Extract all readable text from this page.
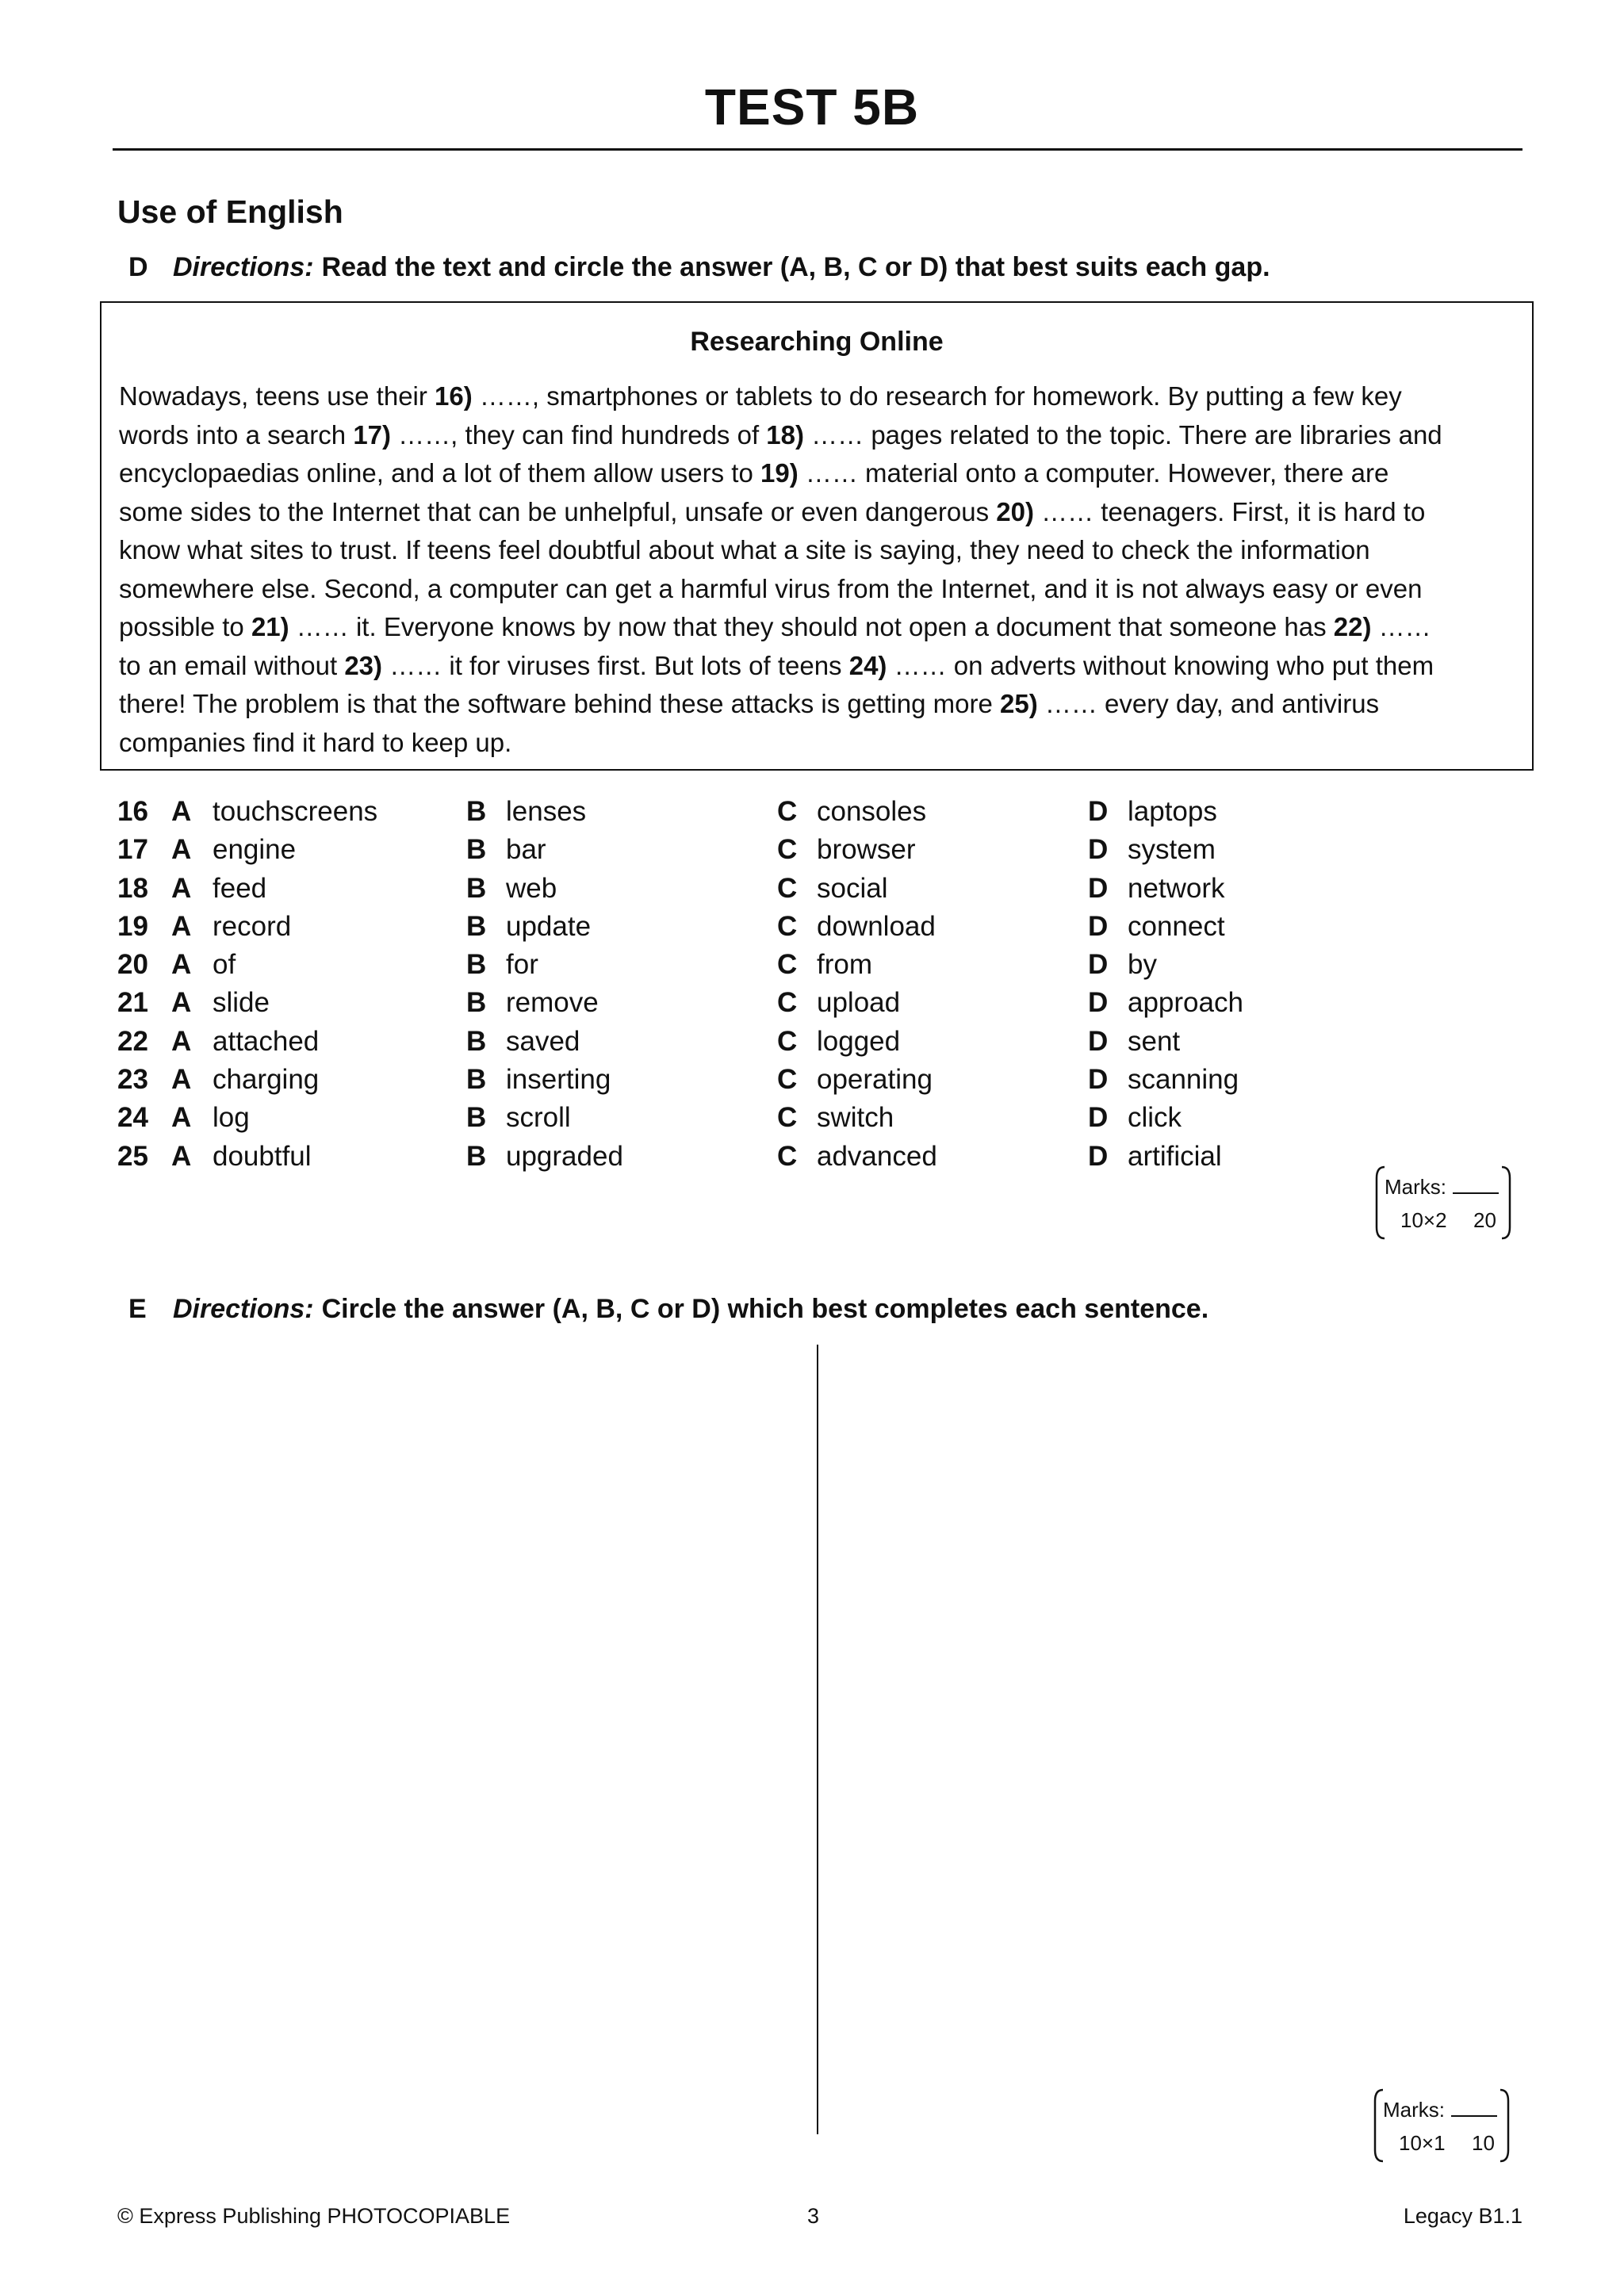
TEST 5B
Use of English
D Directions: Read the text and circle the answer (A, B, C or D) that best suits each gap.
Researching Online
Nowadays, teens use their 16) ……, smartphones or tablets to do research for homework. By putting a few key
words into a search 17) ……, they can find hundreds of 18) …… pages related to the topic. There are libraries and
encyclopaedias online, and a lot of them allow users to 19) …… material onto a computer. However, there are
some sides to the Internet that can be unhelpful, unsafe or even dangerous 20) …… teenagers. First, it is hard to
know what sites to trust. If teens feel doubtful about what a site is saying, they need to check the information
somewhere else. Second, a computer can get a harmful virus from the Internet, and it is not always easy or even
possible to 21) …… it. Everyone knows by now that they should not open a document that someone has 22) ……
to an email without 23) …… it for viruses first. But lots of teens 24) …… on adverts without knowing who put them
there! The problem is that the software behind these attacks is getting more 25) …… every day, and antivirus
companies find it hard to keep up.
16 A touchscreens	B lenses	C consoles	D laptops
17 A engine	B bar	C browser	D system
18 A feed	B web	C social	D network
19 A record	B update	C download	D connect
20 A of	B for	C from	D by
21 A slide	B remove	C upload	D approach
22 A attached	B saved	C logged	D sent
23 A charging	B inserting	C operating	D scanning
24 A log	B scroll	C switch	D click
25 A doubtful	B upgraded	C advanced	D artificial
Marks:
10×2 20
E Directions: Circle the answer (A, B, C or D) which best completes each sentence.
Marks:
10×1 10
© Express Publishing PHOTOCOPIABLE	3	Legacy B1.1
